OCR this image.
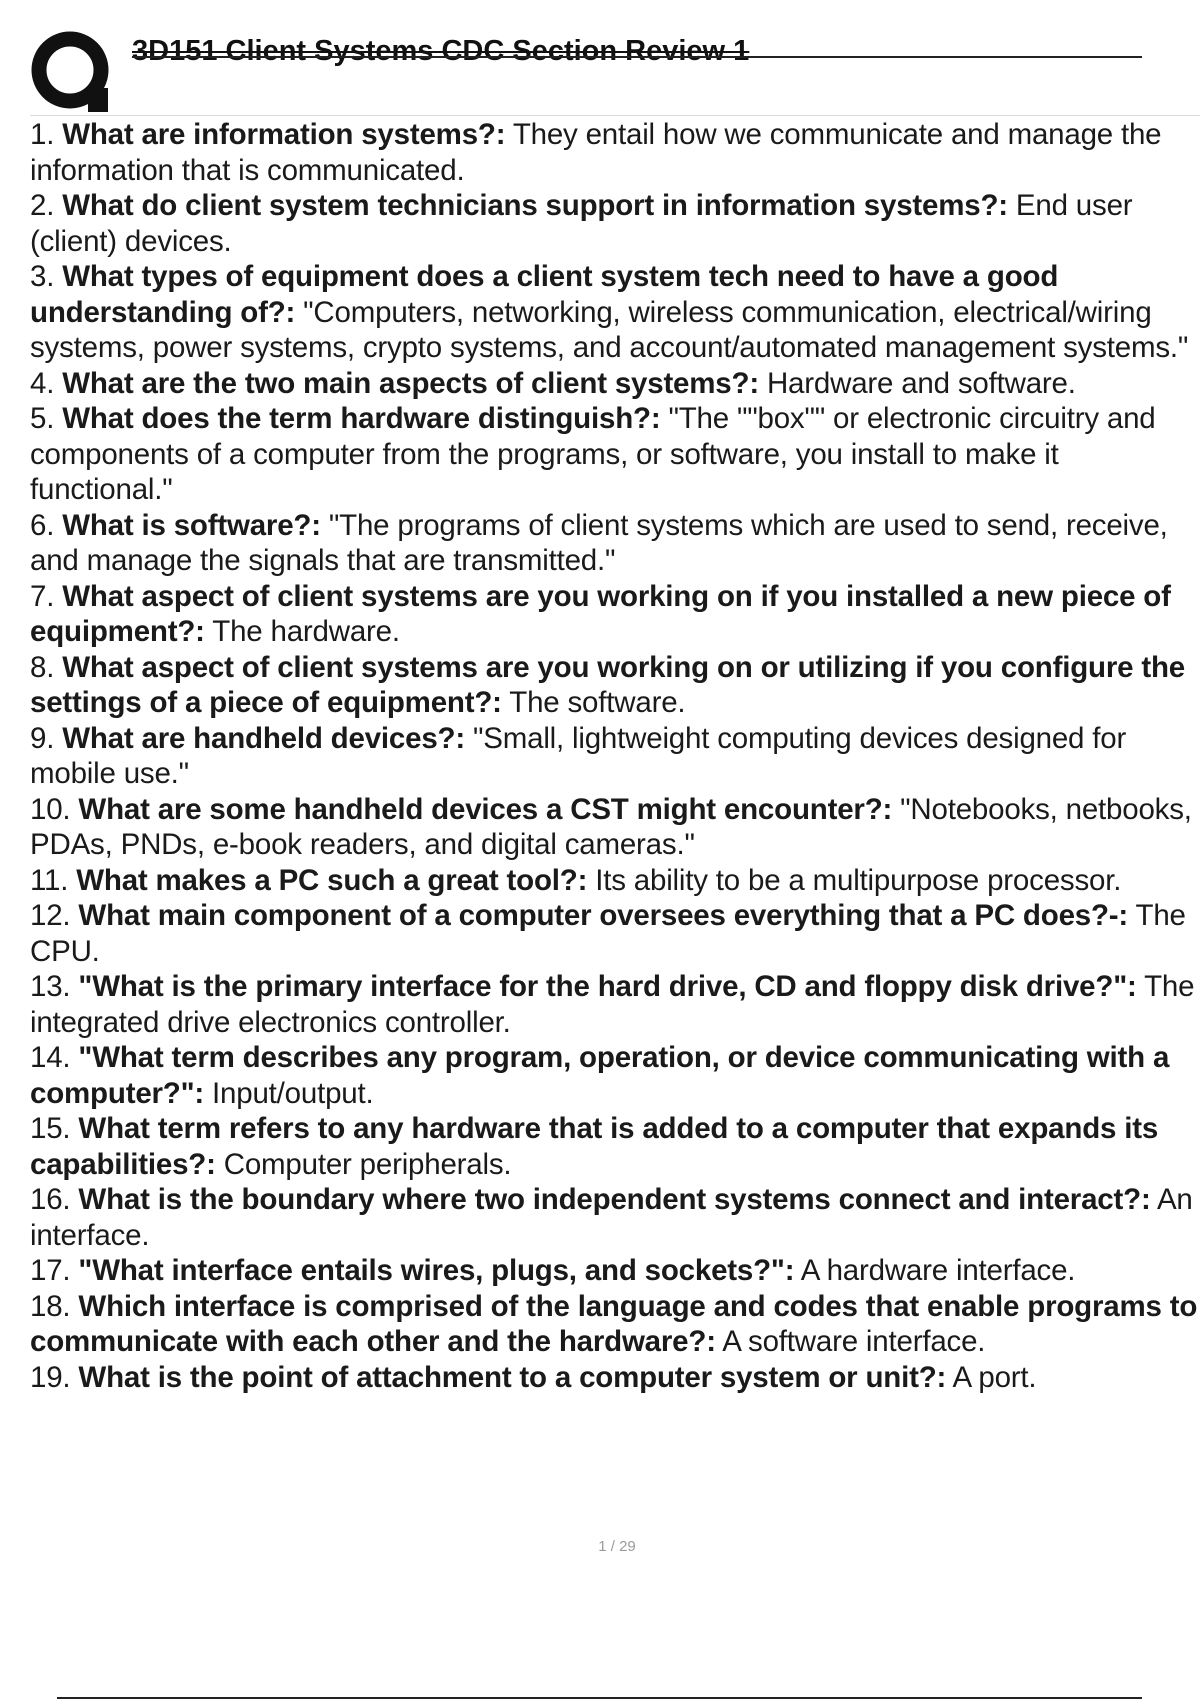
3D151 Client Systems CDC Section Review 1
1. What are information systems?: They entail how we communicate and manage the information that is communicated.
2. What do client system technicians support in information systems?: End user (client) devices.
3. What types of equipment does a client system tech need to have a good understanding of?: "Computers, networking, wireless communication, electrical/wiring systems, power systems, crypto systems, and account/automated management systems."
4. What are the two main aspects of client systems?: Hardware and software.
5. What does the term hardware distinguish?: "The ""box"" or electronic circuitry and components of a computer from the programs, or software, you install to make it functional."
6. What is software?: "The programs of client systems which are used to send, receive, and manage the signals that are transmitted."
7. What aspect of client systems are you working on if you installed a new piece of equipment?: The hardware.
8. What aspect of client systems are you working on or utilizing if you configure the settings of a piece of equipment?: The software.
9. What are handheld devices?: "Small, lightweight computing devices designed for mobile use."
10. What are some handheld devices a CST might encounter?: "Notebooks, netbooks, PDAs, PNDs, e-book readers, and digital cameras."
11. What makes a PC such a great tool?: Its ability to be a multipurpose processor.
12. What main component of a computer oversees everything that a PC does?-: The CPU.
13. "What is the primary interface for the hard drive, CD and floppy disk drive?": The integrated drive electronics controller.
14. "What term describes any program, operation, or device communicating with a computer?": Input/output.
15. What term refers to any hardware that is added to a computer that expands its capabilities?: Computer peripherals.
16. What is the boundary where two independent systems connect and interact?: An interface.
17. "What interface entails wires, plugs, and sockets?": A hardware interface.
18. Which interface is comprised of the language and codes that enable programs to communicate with each other and the hardware?: A software interface.
19. What is the point of attachment to a computer system or unit?: A port.
1 / 29
